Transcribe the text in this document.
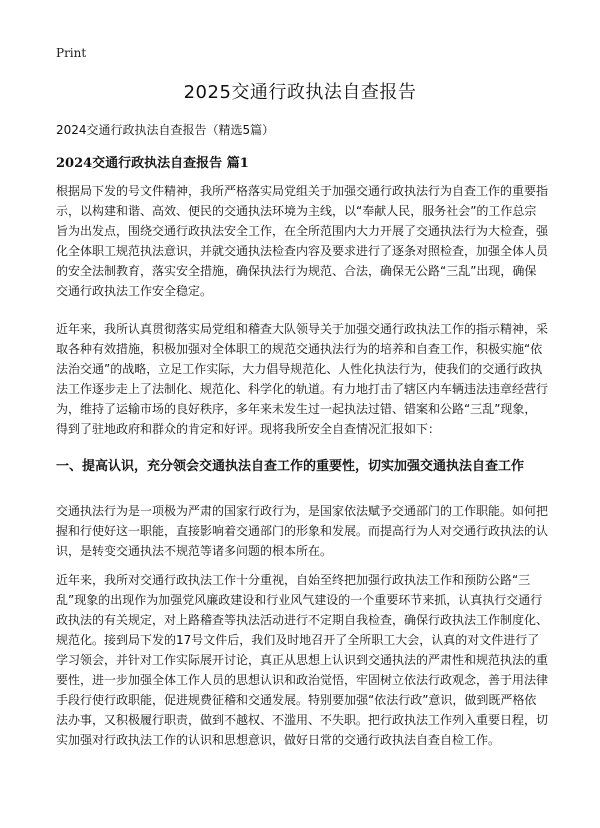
Print
2025交通行政执法自查报告
2024交通行政执法自查报告（精选5篇）
2024交通行政执法自查报告 篇1
根据局下发的号文件精神，我所严格落实局党组关于加强交通行政执法行为自查工作的重要指示，以构建和谐、高效、便民的交通执法环境为主线，以“奉献人民，服务社会”的工作总宗旨为出发点，围绕交通行政执法安全工作，在全所范围内大力开展了交通执法行为大检查，强化全体职工规范执法意识，并就交通执法检查内容及要求进行了逐条对照检查，加强全体人员的安全法制教育，落实安全措施，确保执法行为规范、合法，确保无公路“三乱”出现，确保交通行政执法工作安全稳定。
近年来，我所认真贯彻落实局党组和稽查大队领导关于加强交通行政执法工作的指示精神，采取各种有效措施，积极加强对全体职工的规范交通执法行为的培养和自查工作，积极实施“依法治交通”的战略，立足工作实际，大力倡导规范化、人性化执法行为，使我们的交通行政执法工作逐步走上了法制化、规范化、科学化的轨道。有力地打击了辖区内车辆违法违章经营行为，维持了运输市场的良好秩序，多年来未发生过一起执法过错、错案和公路“三乱”现象，得到了驻地政府和群众的肯定和好评。现将我所安全自查情况汇报如下：
一、提高认识，充分领会交通执法自查工作的重要性，切实加强交通执法自查工作
交通执法行为是一项极为严肃的国家行政行为，是国家依法赋予交通部门的工作职能。如何把握和行使好这一职能，直接影响着交通部门的形象和发展。而提高行为人对交通行政执法的认识，是转变交通执法不规范等诸多问题的根本所在。
近年来，我所对交通行政执法工作十分重视，自始至终把加强行政执法工作和预防公路“三乱”现象的出现作为加强党风廉政建设和行业风气建设的一个重要环节来抓，认真执行交通行政执法的有关规定，对上路稽查等执法活动进行不定期自我检查，确保行政执法工作制度化、规范化。接到局下发的17号文件后，我们及时地召开了全所职工大会，认真的对文件进行了学习领会，并针对工作实际展开讨论，真正从思想上认识到交通执法的严肃性和规范执法的重要性，进一步加强全体工作人员的思想认识和政治觉悟，牢固树立依法行政观念，善于用法律手段行使行政职能，促进规费征稽和交通发展。特别要加强“依法行政”意识，做到既严格依法办事，又积极履行职责，做到不越权、不滥用、不失职。把行政执法工作列入重要日程，切实加强对行政执法工作的认识和思想意识，做好日常的交通行政执法自查自检工作。
